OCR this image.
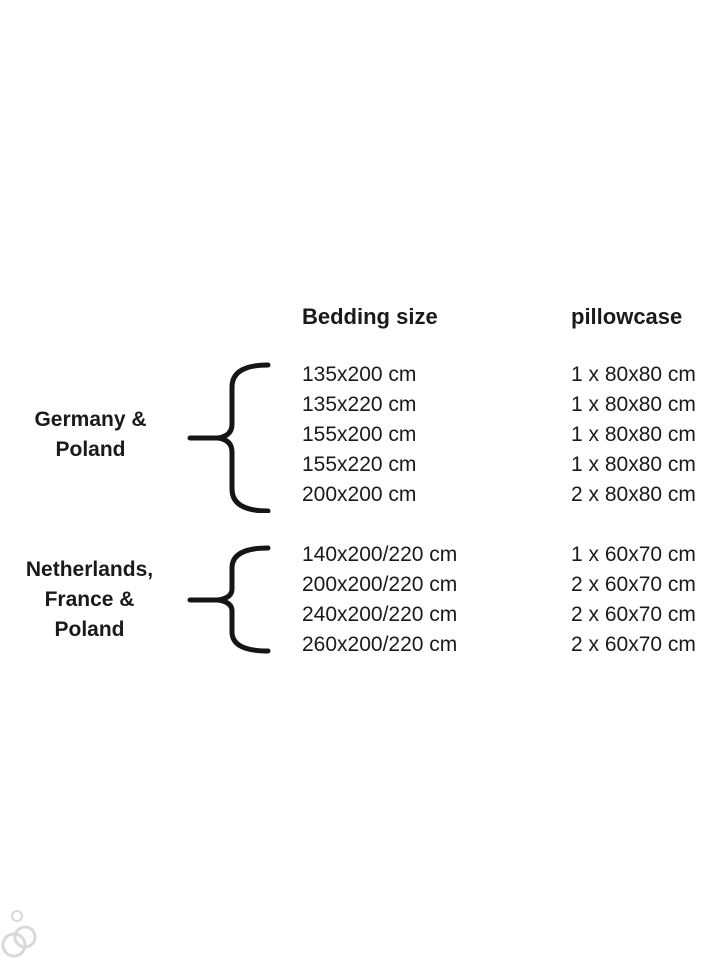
Bedding size	pillowcase
Germany &
Poland
135x200 cm	1 x 80x80 cm
135x220 cm	1 x 80x80 cm
155x200 cm	1 x 80x80 cm
155x220 cm	1 x 80x80 cm
200x200 cm	2 x 80x80 cm
Netherlands,
France &
Poland
140x200/220 cm	1 x 60x70 cm
200x200/220 cm	2 x 60x70 cm
240x200/220 cm	2 x 60x70 cm
260x200/220 cm	2 x 60x70 cm
